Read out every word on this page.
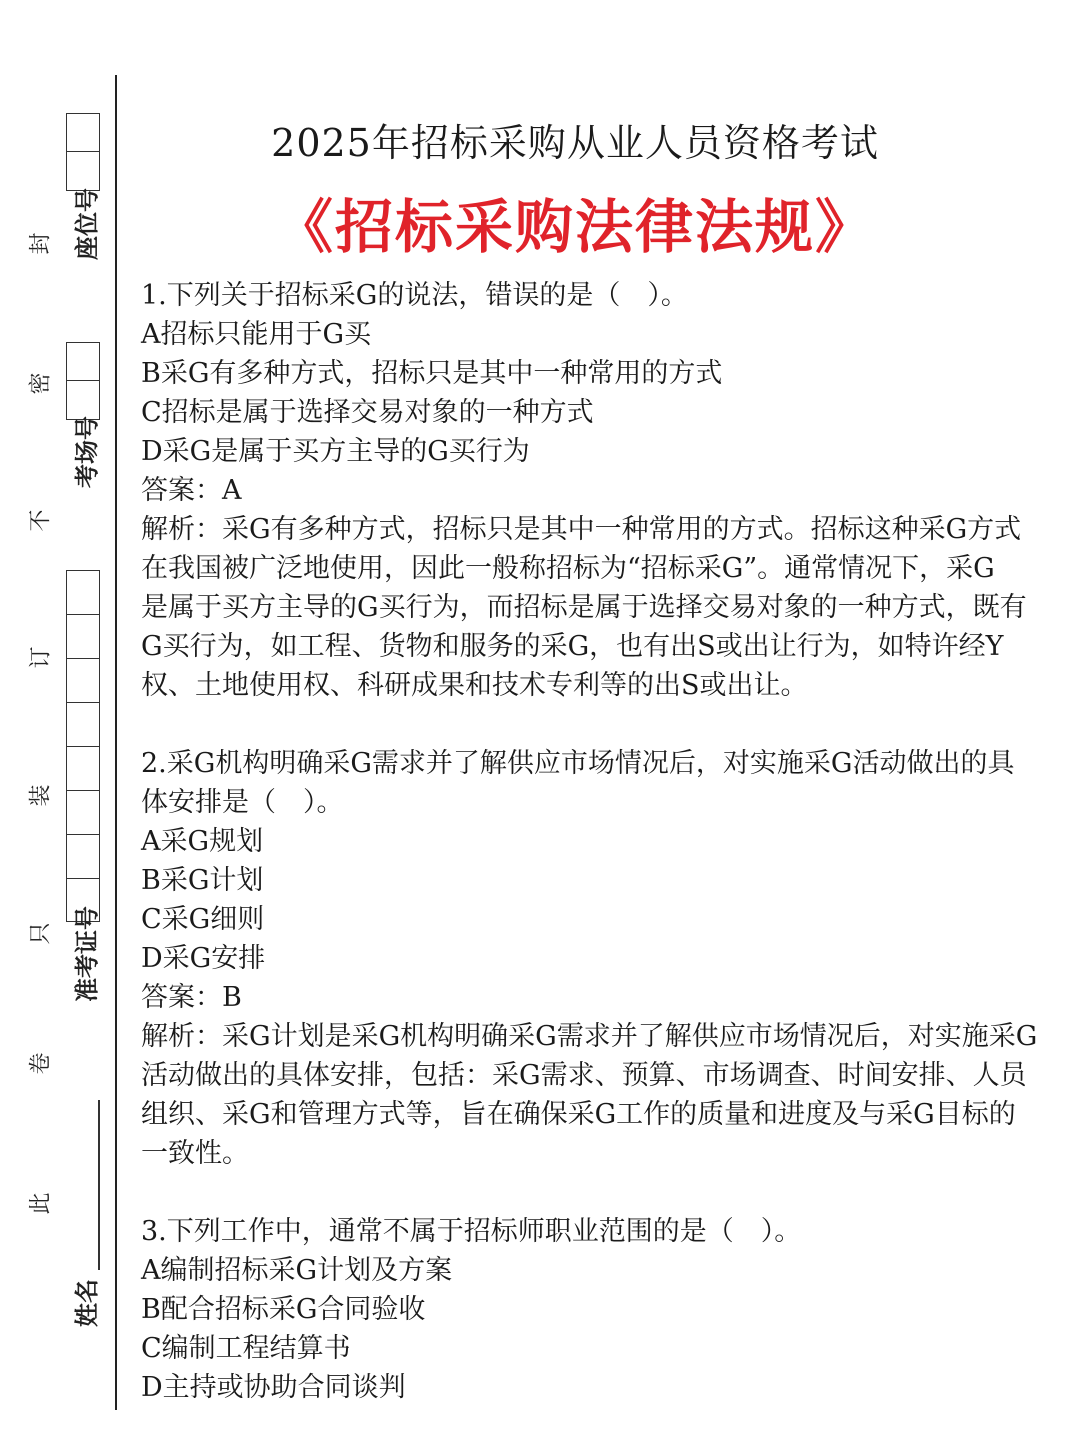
封
密
不
订
装
只
卷
此
座位号
考场号
准考证号
姓名
2025年招标采购从业人员资格考试
《招标采购法律法规》

1.下列关于招标采G的说法，错误的是（　）。

A招标只能用于G买

B采G有多种方式，招标只是其中一种常用的方式

C招标是属于选择交易对象的一种方式

D采G是属于买方主导的G买行为

答案：A

解析：采G有多种方式，招标只是其中一种常用的方式。招标这种采G方式

在我国被广泛地使用，因此一般称招标为“招标采G”。通常情况下，采G

是属于买方主导的G买行为，而招标是属于选择交易对象的一种方式，既有

G买行为，如工程、货物和服务的采G，也有出S或出让行为，如特许经Y

权、土地使用权、科研成果和技术专利等的出S或出让。

2.采G机构明确采G需求并了解供应市场情况后，对实施采G活动做出的具

体安排是（　）。

A采G规划

B采G计划

C采G细则

D采G安排

答案：B

解析：采G计划是采G机构明确采G需求并了解供应市场情况后，对实施采G

活动做出的具体安排，包括：采G需求、预算、市场调查、时间安排、人员

组织、采G和管理方式等，旨在确保采G工作的质量和进度及与采G目标的

一致性。

3.下列工作中，通常不属于招标师职业范围的是（　）。

A编制招标采G计划及方案

B配合招标采G合同验收

C编制工程结算书

D主持或协助合同谈判
